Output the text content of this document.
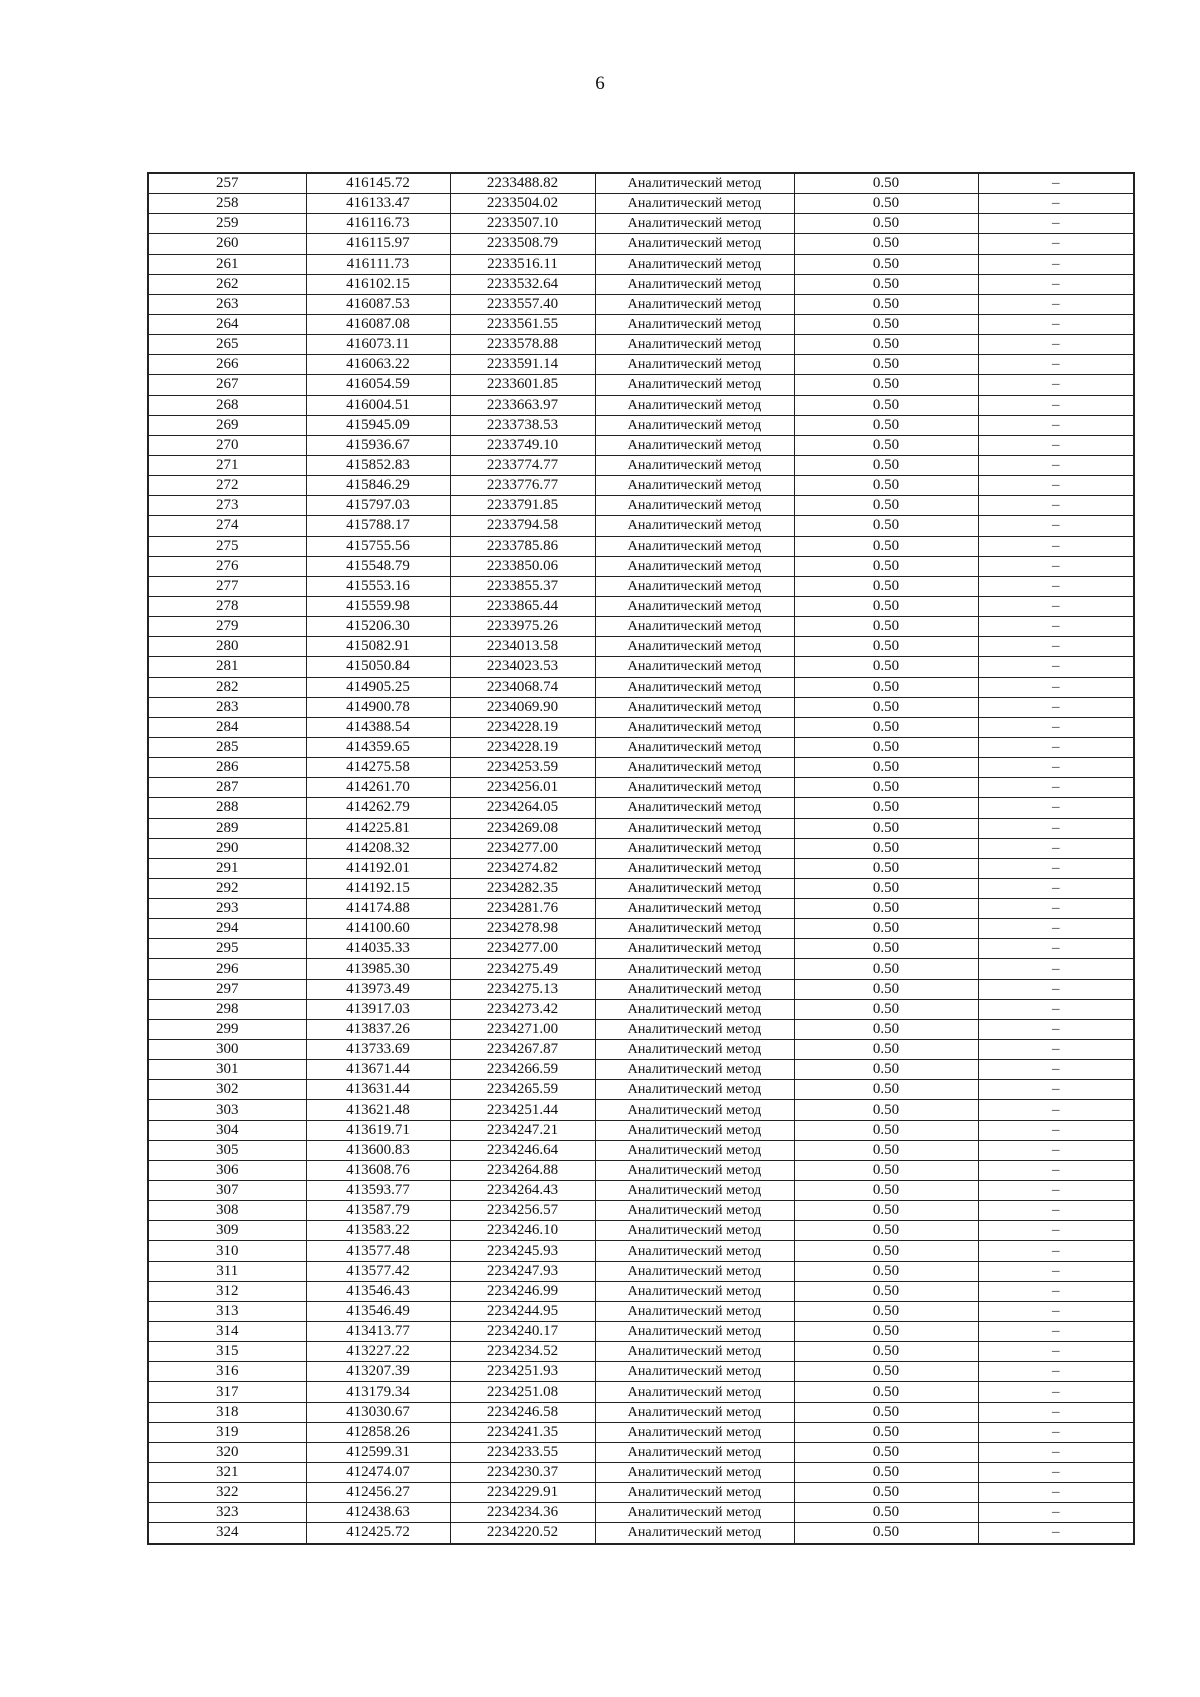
6
257	416145.72	2233488.82	Аналитический метод	0.50	–
258	416133.47	2233504.02	Аналитический метод	0.50	–
259	416116.73	2233507.10	Аналитический метод	0.50	–
260	416115.97	2233508.79	Аналитический метод	0.50	–
261	416111.73	2233516.11	Аналитический метод	0.50	–
262	416102.15	2233532.64	Аналитический метод	0.50	–
263	416087.53	2233557.40	Аналитический метод	0.50	–
264	416087.08	2233561.55	Аналитический метод	0.50	–
265	416073.11	2233578.88	Аналитический метод	0.50	–
266	416063.22	2233591.14	Аналитический метод	0.50	–
267	416054.59	2233601.85	Аналитический метод	0.50	–
268	416004.51	2233663.97	Аналитический метод	0.50	–
269	415945.09	2233738.53	Аналитический метод	0.50	–
270	415936.67	2233749.10	Аналитический метод	0.50	–
271	415852.83	2233774.77	Аналитический метод	0.50	–
272	415846.29	2233776.77	Аналитический метод	0.50	–
273	415797.03	2233791.85	Аналитический метод	0.50	–
274	415788.17	2233794.58	Аналитический метод	0.50	–
275	415755.56	2233785.86	Аналитический метод	0.50	–
276	415548.79	2233850.06	Аналитический метод	0.50	–
277	415553.16	2233855.37	Аналитический метод	0.50	–
278	415559.98	2233865.44	Аналитический метод	0.50	–
279	415206.30	2233975.26	Аналитический метод	0.50	–
280	415082.91	2234013.58	Аналитический метод	0.50	–
281	415050.84	2234023.53	Аналитический метод	0.50	–
282	414905.25	2234068.74	Аналитический метод	0.50	–
283	414900.78	2234069.90	Аналитический метод	0.50	–
284	414388.54	2234228.19	Аналитический метод	0.50	–
285	414359.65	2234228.19	Аналитический метод	0.50	–
286	414275.58	2234253.59	Аналитический метод	0.50	–
287	414261.70	2234256.01	Аналитический метод	0.50	–
288	414262.79	2234264.05	Аналитический метод	0.50	–
289	414225.81	2234269.08	Аналитический метод	0.50	–
290	414208.32	2234277.00	Аналитический метод	0.50	–
291	414192.01	2234274.82	Аналитический метод	0.50	–
292	414192.15	2234282.35	Аналитический метод	0.50	–
293	414174.88	2234281.76	Аналитический метод	0.50	–
294	414100.60	2234278.98	Аналитический метод	0.50	–
295	414035.33	2234277.00	Аналитический метод	0.50	–
296	413985.30	2234275.49	Аналитический метод	0.50	–
297	413973.49	2234275.13	Аналитический метод	0.50	–
298	413917.03	2234273.42	Аналитический метод	0.50	–
299	413837.26	2234271.00	Аналитический метод	0.50	–
300	413733.69	2234267.87	Аналитический метод	0.50	–
301	413671.44	2234266.59	Аналитический метод	0.50	–
302	413631.44	2234265.59	Аналитический метод	0.50	–
303	413621.48	2234251.44	Аналитический метод	0.50	–
304	413619.71	2234247.21	Аналитический метод	0.50	–
305	413600.83	2234246.64	Аналитический метод	0.50	–
306	413608.76	2234264.88	Аналитический метод	0.50	–
307	413593.77	2234264.43	Аналитический метод	0.50	–
308	413587.79	2234256.57	Аналитический метод	0.50	–
309	413583.22	2234246.10	Аналитический метод	0.50	–
310	413577.48	2234245.93	Аналитический метод	0.50	–
311	413577.42	2234247.93	Аналитический метод	0.50	–
312	413546.43	2234246.99	Аналитический метод	0.50	–
313	413546.49	2234244.95	Аналитический метод	0.50	–
314	413413.77	2234240.17	Аналитический метод	0.50	–
315	413227.22	2234234.52	Аналитический метод	0.50	–
316	413207.39	2234251.93	Аналитический метод	0.50	–
317	413179.34	2234251.08	Аналитический метод	0.50	–
318	413030.67	2234246.58	Аналитический метод	0.50	–
319	412858.26	2234241.35	Аналитический метод	0.50	–
320	412599.31	2234233.55	Аналитический метод	0.50	–
321	412474.07	2234230.37	Аналитический метод	0.50	–
322	412456.27	2234229.91	Аналитический метод	0.50	–
323	412438.63	2234234.36	Аналитический метод	0.50	–
324	412425.72	2234220.52	Аналитический метод	0.50	–
